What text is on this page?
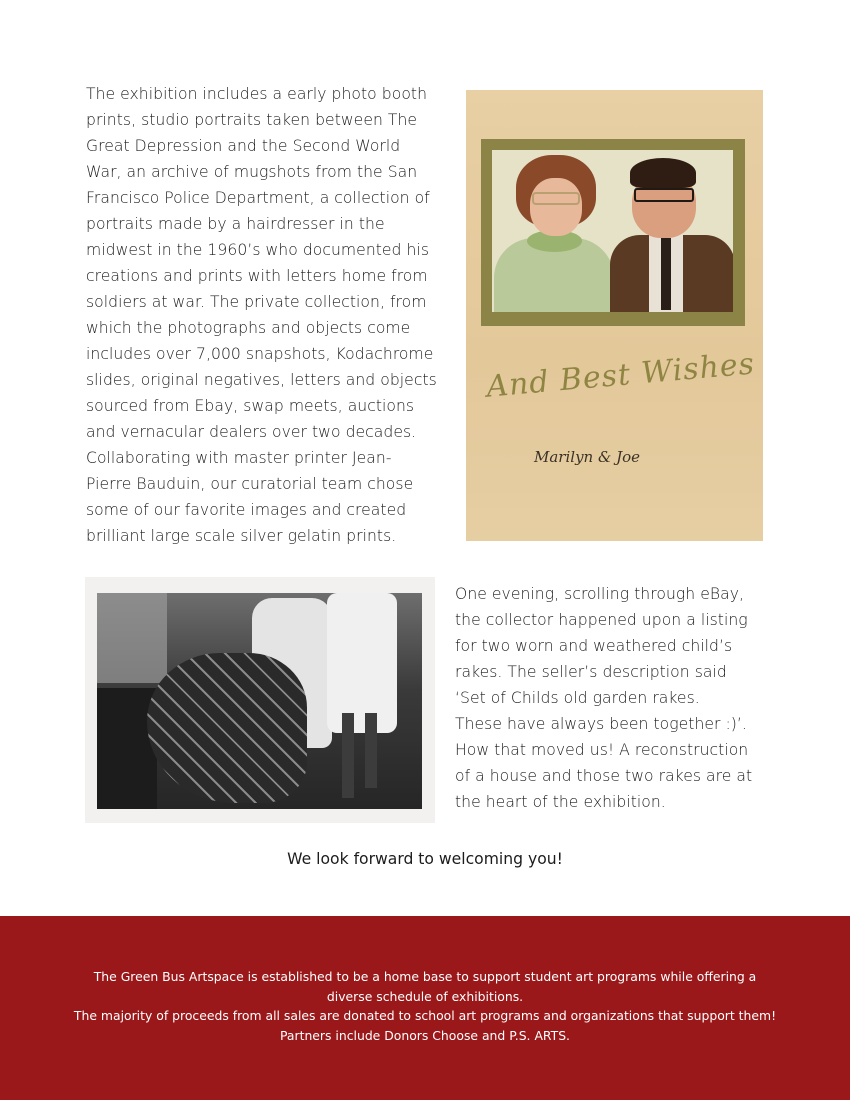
The exhibition includes a early photo booth
prints, studio portraits taken between The
Great Depression and the Second World
War, an archive of mugshots from the San
Francisco Police Department, a collection of
portraits made by a hairdresser in the
midwest in the 1960’s who documented his
creations and prints with letters home from
soldiers at war. The private collection, from
which the photographs and objects come
includes over 7,000 snapshots, Kodachrome
slides, original negatives, letters and objects
sourced from Ebay, swap meets, auctions
and vernacular dealers over two decades.
Collaborating with master printer Jean-
Pierre Bauduin, our curatorial team chose
some of our favorite images and created
brilliant large scale silver gelatin prints.
And Best Wishes
Marilyn & Joe
One evening, scrolling through eBay,
the collector happened upon a listing
for two worn and weathered child’s
rakes. The seller’s description said
‘Set of Childs old garden rakes.
These have always been together :)’.
How that moved us! A reconstruction
of a house and those two rakes are at
the heart of the exhibition.
We look forward to welcoming you!

The Green Bus Artspace is established to be a home base to support student art programs while offering a diverse schedule of exhibitions.

The majority of proceeds from all sales are donated to school art programs and organizations that support them! Partners include Donors Choose and P.S. ARTS.
